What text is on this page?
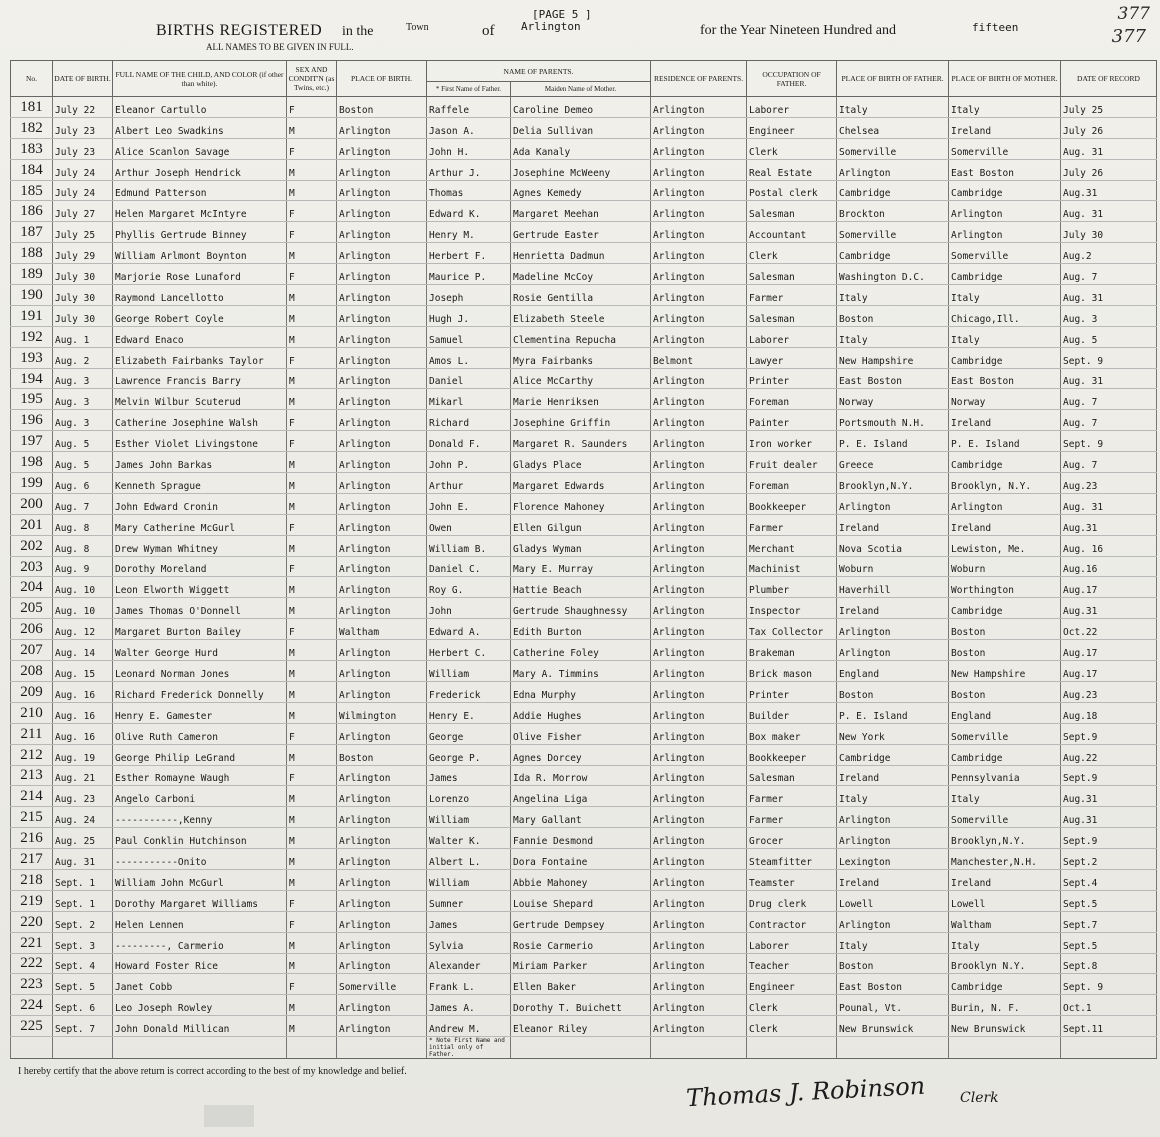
377
377
BIRTHS REGISTERED in the	Town	of
[PAGE 5 ]
Arlington	for the Year Nineteen Hundred and	fifteen
ALL NAMES TO BE GIVEN IN FULL.
No.	DATE OF BIRTH.	FULL NAME OF THE CHILD, AND COLOR (if other than white).	SEX AND CONDIT'N (as Twins, etc.)	PLACE OF BIRTH.	NAME OF PARENTS.		RESIDENCE OF PARENTS.	OCCUPATION OF FATHER.	PLACE OF BIRTH OF FATHER.	PLACE OF BIRTH OF MOTHER.	DATE OF RECORD
					* First Name of Father.	Maiden Name of Mother.					
181	July 22	Eleanor Cartullo	F	Boston	Raffele	Caroline Demeo	Arlington	Laborer	Italy	Italy	July 25
182	July 23	Albert Leo Swadkins	M	Arlington	Jason A.	Delia Sullivan	Arlington	Engineer	Chelsea	Ireland	July 26
183	July 23	Alice Scanlon Savage	F	Arlington	John H.	Ada Kanaly	Arlington	Clerk	Somerville	Somerville	Aug. 31
184	July 24	Arthur Joseph Hendrick	M	Arlington	Arthur J.	Josephine McWeeny	Arlington	Real Estate	Arlington	East Boston	July 26
185	July 24	Edmund Patterson	M	Arlington	Thomas	Agnes Kemedy	Arlington	Postal clerk	Cambridge	Cambridge	Aug.31
186	July 27	Helen Margaret McIntyre	F	Arlington	Edward K.	Margaret Meehan	Arlington	Salesman	Brockton	Arlington	Aug. 31
187	July 25	Phyllis Gertrude Binney	F	Arlington	Henry M.	Gertrude Easter	Arlington	Accountant	Somerville	Arlington	July 30
188	July 29	William Arlmont Boynton	M	Arlington	Herbert F.	Henrietta Dadmun	Arlington	Clerk	Cambridge	Somerville	Aug.2
189	July 30	Marjorie Rose Lunaford	F	Arlington	Maurice P.	Madeline McCoy	Arlington	Salesman	Washington D.C.	Cambridge	Aug. 7
190	July 30	Raymond Lancellotto	M	Arlington	Joseph	Rosie Gentilla	Arlington	Farmer	Italy	Italy	Aug. 31
191	July 30	George Robert Coyle	M	Arlington	Hugh J.	Elizabeth Steele	Arlington	Salesman	Boston	Chicago,Ill.	Aug. 3
192	Aug. 1	Edward Enaco	M	Arlington	Samuel	Clementina Repucha	Arlington	Laborer	Italy	Italy	Aug. 5
193	Aug. 2	Elizabeth Fairbanks Taylor	F	Arlington	Amos L.	Myra Fairbanks	Belmont	Lawyer	New Hampshire	Cambridge	Sept. 9
194	Aug. 3	Lawrence Francis Barry	M	Arlington	Daniel	Alice McCarthy	Arlington	Printer	East Boston	East Boston	Aug. 31
195	Aug. 3	Melvin Wilbur Scuterud	M	Arlington	Mikarl	Marie Henriksen	Arlington	Foreman	Norway	Norway	Aug. 7
196	Aug. 3	Catherine Josephine Walsh	F	Arlington	Richard	Josephine Griffin	Arlington	Painter	Portsmouth N.H.	Ireland	Aug. 7
197	Aug. 5	Esther Violet Livingstone	F	Arlington	Donald F.	Margaret R. Saunders	Arlington	Iron worker	P. E. Island	P. E. Island	Sept. 9
198	Aug. 5	James John Barkas	M	Arlington	John P.	Gladys Place	Arlington	Fruit dealer	Greece	Cambridge	Aug. 7
199	Aug. 6	Kenneth Sprague	M	Arlington	Arthur	Margaret Edwards	Arlington	Foreman	Brooklyn,N.Y.	Brooklyn, N.Y.	Aug.23
200	Aug. 7	John Edward Cronin	M	Arlington	John E.	Florence Mahoney	Arlington	Bookkeeper	Arlington	Arlington	Aug. 31
201	Aug. 8	Mary Catherine McGurl	F	Arlington	Owen	Ellen Gilgun	Arlington	Farmer	Ireland	Ireland	Aug.31
202	Aug. 8	Drew Wyman Whitney	M	Arlington	William B.	Gladys Wyman	Arlington	Merchant	Nova Scotia	Lewiston, Me.	Aug. 16
203	Aug. 9	Dorothy Moreland	F	Arlington	Daniel C.	Mary E. Murray	Arlington	Machinist	Woburn	Woburn	Aug.16
204	Aug. 10	Leon Elworth Wiggett	M	Arlington	Roy G.	Hattie Beach	Arlington	Plumber	Haverhill	Worthington	Aug.17
205	Aug. 10	James Thomas O'Donnell	M	Arlington	John	Gertrude Shaughnessy	Arlington	Inspector	Ireland	Cambridge	Aug.31
206	Aug. 12	Margaret Burton Bailey	F	Waltham	Edward A.	Edith Burton	Arlington	Tax Collector	Arlington	Boston	Oct.22
207	Aug. 14	Walter George Hurd	M	Arlington	Herbert C.	Catherine Foley	Arlington	Brakeman	Arlington	Boston	Aug.17
208	Aug. 15	Leonard Norman Jones	M	Arlington	William	Mary A. Timmins	Arlington	Brick mason	England	New Hampshire	Aug.17
209	Aug. 16	Richard Frederick Donnelly	M	Arlington	Frederick	Edna Murphy	Arlington	Printer	Boston	Boston	Aug.23
210	Aug. 16	Henry E. Gamester	M	Wilmington	Henry E.	Addie Hughes	Arlington	Builder	P. E. Island	England	Aug.18
211	Aug. 16	Olive Ruth Cameron	F	Arlington	George	Olive Fisher	Arlington	Box maker	New York	Somerville	Sept.9
212	Aug. 19	George Philip LeGrand	M	Boston	George P.	Agnes Dorcey	Arlington	Bookkeeper	Cambridge	Cambridge	Aug.22
213	Aug. 21	Esther Romayne Waugh	F	Arlington	James	Ida R. Morrow	Arlington	Salesman	Ireland	Pennsylvania	Sept.9
214	Aug. 23	Angelo Carboni	M	Arlington	Lorenzo	Angelina Liga	Arlington	Farmer	Italy	Italy	Aug.31
215	Aug. 24	-----------,Kenny	M	Arlington	William	Mary Gallant	Arlington	Farmer	Arlington	Somerville	Aug.31
216	Aug. 25	Paul Conklin Hutchinson	M	Arlington	Walter K.	Fannie Desmond	Arlington	Grocer	Arlington	Brooklyn,N.Y.	Sept.9
217	Aug. 31	-----------Onito	M	Arlington	Albert L.	Dora Fontaine	Arlington	Steamfitter	Lexington	Manchester,N.H.	Sept.2
218	Sept. 1	William John McGurl	M	Arlington	William	Abbie Mahoney	Arlington	Teamster	Ireland	Ireland	Sept.4
219	Sept. 1	Dorothy Margaret Williams	F	Arlington	Sumner	Louise Shepard	Arlington	Drug clerk	Lowell	Lowell	Sept.5
220	Sept. 2	Helen Lennen	F	Arlington	James	Gertrude Dempsey	Arlington	Contractor	Arlington	Waltham	Sept.7
221	Sept. 3	---------, Carmerio	M	Arlington	Sylvia	Rosie Carmerio	Arlington	Laborer	Italy	Italy	Sept.5
222	Sept. 4	Howard Foster Rice	M	Arlington	Alexander	Miriam Parker	Arlington	Teacher	Boston	Brooklyn N.Y.	Sept.8
223	Sept. 5	Janet Cobb	F	Somerville	Frank L.	Ellen Baker	Arlington	Engineer	East Boston	Cambridge	Sept. 9
224	Sept. 6	Leo Joseph Rowley	M	Arlington	James A.	Dorothy T. Buichett	Arlington	Clerk	Pounal, Vt.	Burin, N. F.	Oct.1
225	Sept. 7	John Donald Millican	M	Arlington	Andrew M.	Eleanor Riley	Arlington	Clerk	New Brunswick	New Brunswick	Sept.11
					* Note First Name and initial only of Father.						
I hereby certify that the above return is correct according to the best of my knowledge and belief.
Thomas J. Robinson Clerk
